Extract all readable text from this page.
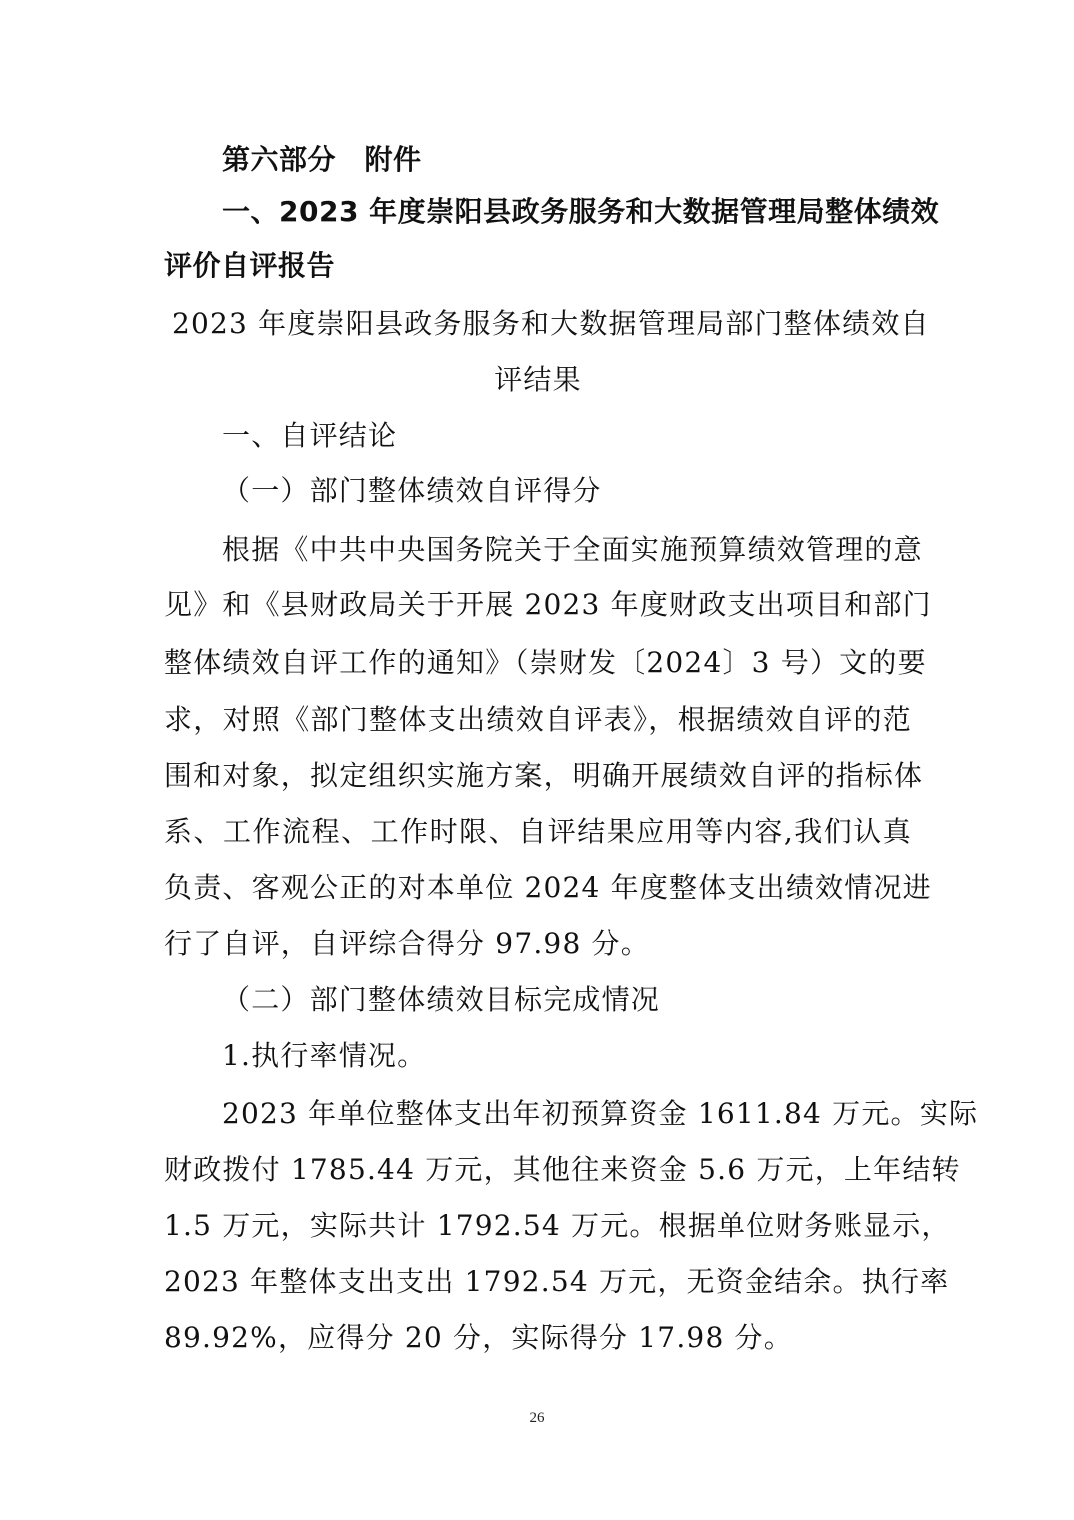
第六部分　附件
一、2023 年度崇阳县政务服务和大数据管理局整体绩效
评价自评报告
2023 年度崇阳县政务服务和大数据管理局部门整体绩效自
评结果
一、自评结论
（一）部门整体绩效自评得分
根据《中共中央国务院关于全面实施预算绩效管理的意
见》和《县财政局关于开展 2023 年度财政支出项目和部门
整体绩效自评工作的通知》（崇财发〔2024〕3 号）文的要
求，对照《部门整体支出绩效自评表》，根据绩效自评的范
围和对象，拟定组织实施方案，明确开展绩效自评的指标体
系、工作流程、工作时限、自评结果应用等内容,我们认真
负责、客观公正的对本单位 2024 年度整体支出绩效情况进
行了自评，自评综合得分 97.98 分。
（二）部门整体绩效目标完成情况
1.执行率情况。
2023 年单位整体支出年初预算资金 1611.84 万元。实际
财政拨付 1785.44 万元，其他往来资金 5.6 万元，上年结转
1.5 万元，实际共计 1792.54 万元。根据单位财务账显示，
2023 年整体支出支出 1792.54 万元，无资金结余。执行率
89.92%，应得分 20 分，实际得分 17.98 分。
26
